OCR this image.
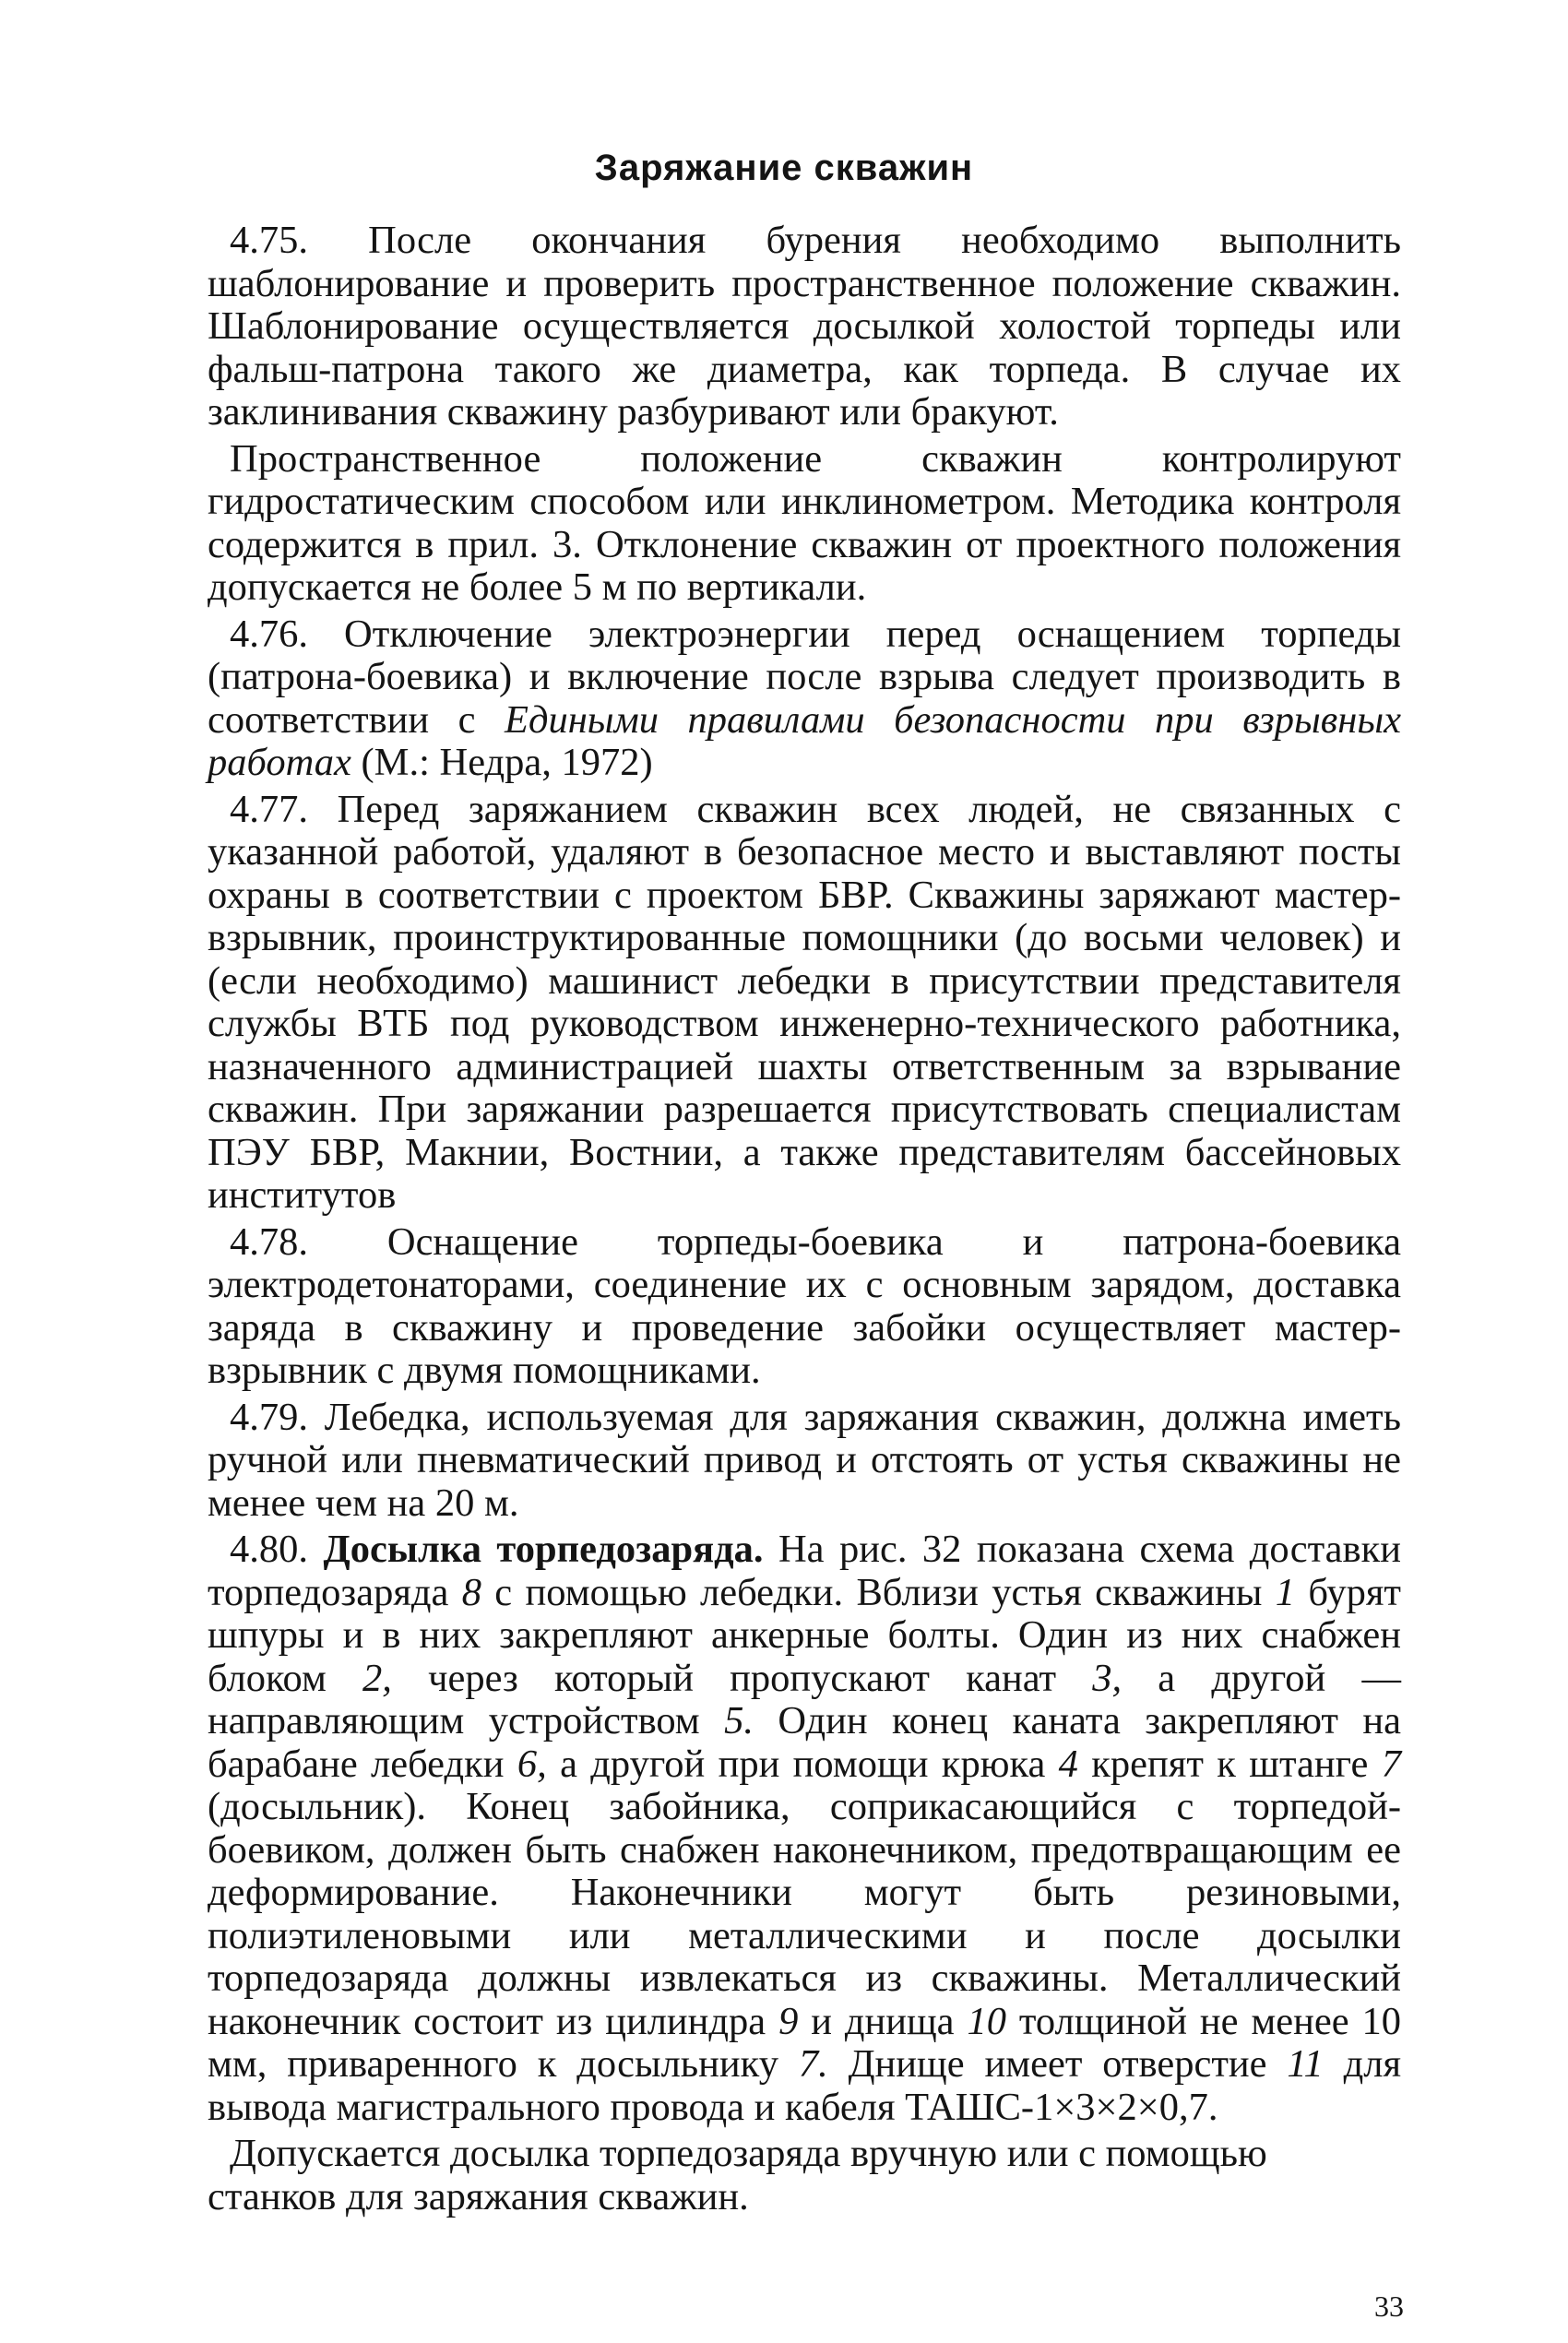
Заряжание скважин

4.75. После окончания бурения необходимо выполнить шаблонирование и проверить пространственное положение скважин. Шаблонирование осуществляется досылкой холостой торпеды или фальш-патрона такого же диаметра, как торпеда. В случае их заклинивания скважину разбуривают или бракуют.

Пространственное положение скважин контролируют гидростатическим способом или инклинометром. Методика контроля содержится в прил. 3. Отклонение скважин от проектного положения допускается не более 5 м по вертикали.

4.76. Отключение электроэнергии перед оснащением торпеды (патрона-боевика) и включение после взрыва следует производить в соответствии с Едиными правилами безопасности при взрывных работах (М.: Недра, 1972)

4.77. Перед заряжанием скважин всех людей, не связанных с указанной работой, удаляют в безопасное место и выставляют посты охраны в соответствии с проектом БВР. Скважины заряжают мастер-взрывник, проинструктированные помощники (до восьми человек) и (если необходимо) машинист лебедки в присутствии представителя службы ВТБ под руководством инженерно-технического работника, назначенного администрацией шахты ответственным за взрывание скважин. При заряжании разрешается присутствовать специалистам ПЭУ БВР, Макнии, Востнии, а также представителям бассейновых институтов

4.78. Оснащение торпеды-боевика и патрона-боевика электродетонаторами, соединение их с основным зарядом, доставка заряда в скважину и проведение забойки осуществляет мастер-взрывник с двумя помощниками.

4.79. Лебедка, используемая для заряжания скважин, должна иметь ручной или пневматический привод и отстоять от устья скважины не менее чем на 20 м.

4.80. Досылка торпедозаряда. На рис. 32 показана схема доставки торпедозаряда 8 с помощью лебедки. Вблизи устья скважины 1 бурят шпуры и в них закрепляют анкерные болты. Один из них снабжен блоком 2, через который пропускают канат 3, а другой — направляющим устройством 5. Один конец каната закрепляют на барабане лебедки 6, а другой при помощи крюка 4 крепят к штанге 7 (досыльник). Конец забойника, соприкасающийся с торпедой-боевиком, должен быть снабжен наконечником, предотвращающим ее деформирование. Наконечники могут быть резиновыми, полиэтиленовыми или металлическими и после досылки торпедозаряда должны извлекаться из скважины. Металлический наконечник состоит из цилиндра 9 и днища 10 толщиной не менее 10 мм, приваренного к досыльнику 7. Днище имеет отверстие 11 для вывода магистрального провода и кабеля ТАШС-1×3×2×0,7.

Допускается досылка торпедозаряда вручную или с помощью станков для заряжания скважин.

33
